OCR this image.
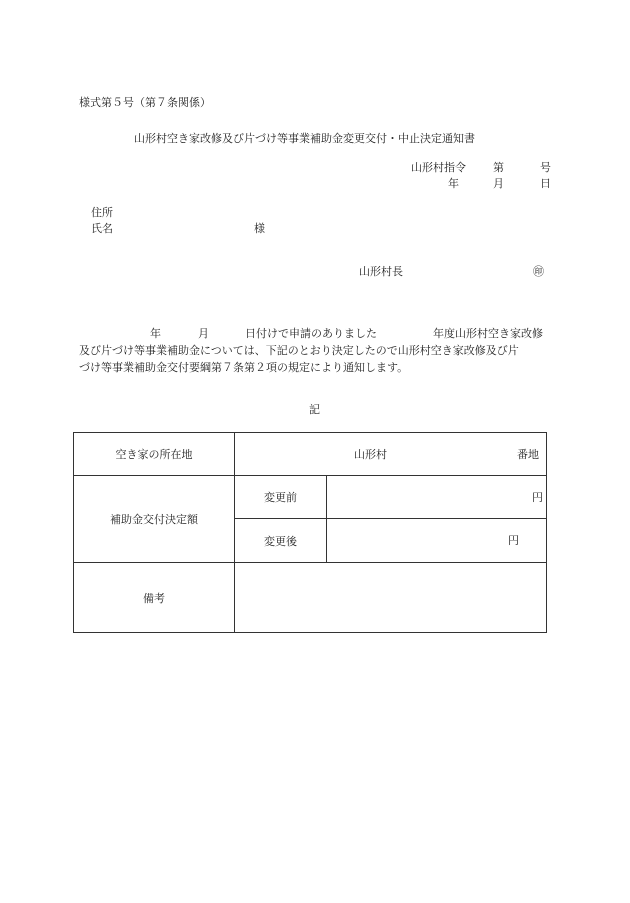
様式第５号（第７条関係）
山形村空き家改修及び片づけ等事業補助金変更交付・中止決定通知書
山形村指令 第	号
年	月	日
住所
氏名	様
山形村長	㊞
年	月	日付けで申請のありました	年度山形村空き家改修
及び片づけ等事業補助金については、下記のとおり決定したので山形村空き家改修及び片
づけ等事業補助金交付要綱第７条第２項の規定により通知します。
記
空き家の所在地	山形村 番地	

補助金交付決定額	変更前	円

	変更後	円

備考		
